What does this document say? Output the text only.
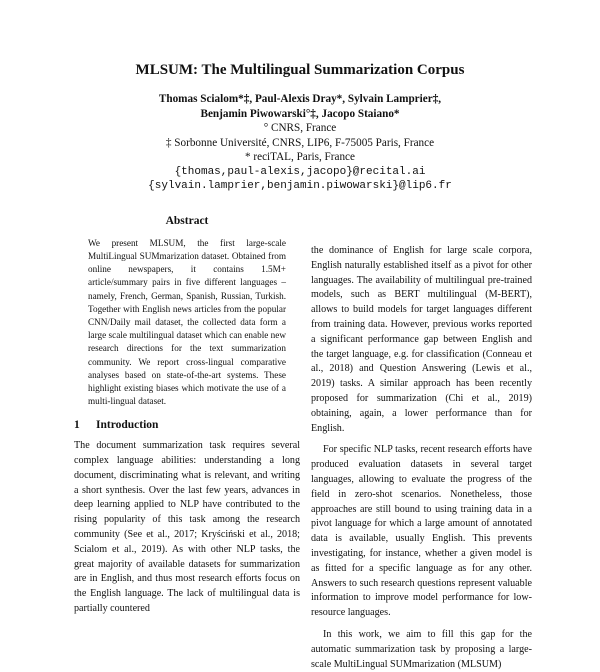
MLSUM: The Multilingual Summarization Corpus
Thomas Scialom*‡, Paul-Alexis Dray*, Sylvain Lamprier‡,
Benjamin Piwowarski°‡, Jacopo Staiano*
° CNRS, France
‡ Sorbonne Université, CNRS, LIP6, F-75005 Paris, France
* reciTAL, Paris, France
{thomas,paul-alexis,jacopo}@recital.ai
{sylvain.lamprier,benjamin.piwowarski}@lip6.fr
Abstract
We present MLSUM, the first large-scale MultiLingual SUMmarization dataset. Obtained from online newspapers, it contains 1.5M+ article/summary pairs in five different languages – namely, French, German, Spanish, Russian, Turkish. Together with English news articles from the popular CNN/Daily mail dataset, the collected data form a large scale multilingual dataset which can enable new research directions for the text summarization community. We report cross-lingual comparative analyses based on state-of-the-art systems. These highlight existing biases which motivate the use of a multi-lingual dataset.
1 Introduction
The document summarization task requires several complex language abilities: understanding a long document, discriminating what is relevant, and writing a short synthesis. Over the last few years, advances in deep learning applied to NLP have contributed to the rising popularity of this task among the research community (See et al., 2017; Kryściński et al., 2018; Scialom et al., 2019). As with other NLP tasks, the great majority of available datasets for summarization are in English, and thus most research efforts focus on the English language. The lack of multilingual data is partially countered
the dominance of English for large scale corpora, English naturally established itself as a pivot for other languages. The availability of multilingual pre-trained models, such as BERT multilingual (M-BERT), allows to build models for target languages different from training data. However, previous works reported a significant performance gap between English and the target language, e.g. for classification (Conneau et al., 2018) and Question Answering (Lewis et al., 2019) tasks. A similar approach has been recently proposed for summarization (Chi et al., 2019) obtaining, again, a lower performance than for English.
For specific NLP tasks, recent research efforts have produced evaluation datasets in several target languages, allowing to evaluate the progress of the field in zero-shot scenarios. Nonetheless, those approaches are still bound to using training data in a pivot language for which a large amount of annotated data is available, usually English. This prevents investigating, for instance, whether a given model is as fitted for a specific language as for any other. Answers to such research questions represent valuable information to improve model performance for low-resource languages.
In this work, we aim to fill this gap for the automatic summarization task by proposing a large-scale MultiLingual SUMmarization (MLSUM)
